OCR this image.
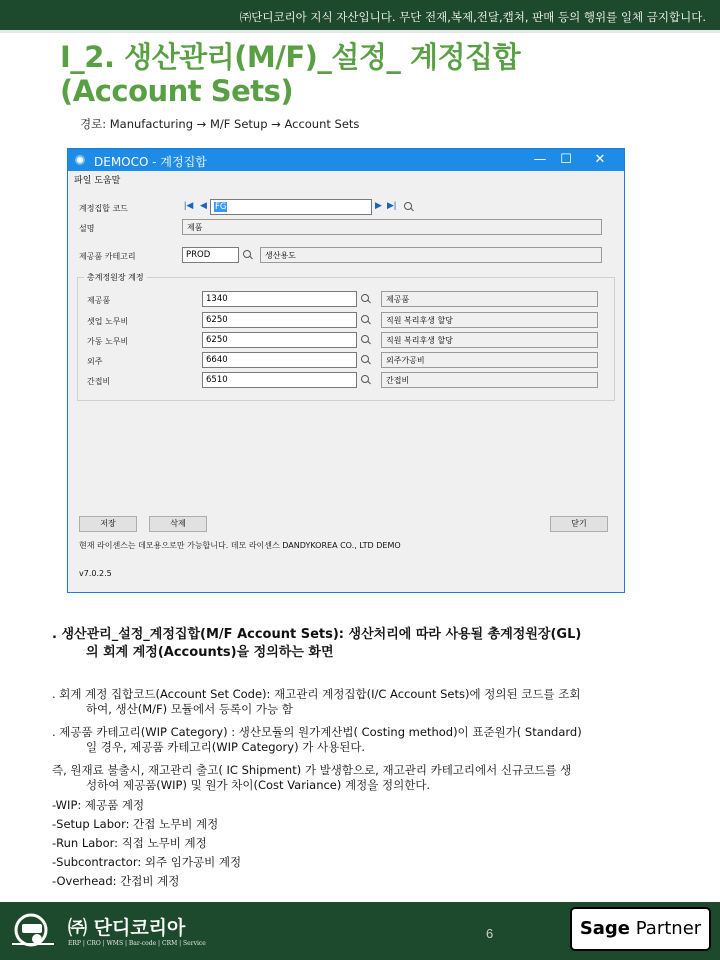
㈜단디코리아 지식 자산입니다. 무단 전재,복제,전달,캡쳐, 판매 등의 행위를 일체 금지합니다.
I_2. 생산관리(M/F)_설정_ 계정집합
(Account Sets)
경로: Manufacturing → M/F Setup → Account Sets
DEMOCO - 계정집합	—	☐	✕
파일 도움말
계정집합 코드	|◀ ◀ FG	▶ ▶|
설명	제품
제공품 카테고리	PROD	생산용도
총계정원장 계정
제공품	1340	제공품
셋업 노무비	6250	직원 복리후생 할당
가동 노무비	6250	직원 복리후생 할당
외주	6640	외주가공비
간접비	6510	간접비
저장	삭제	닫기
현재 라이센스는 데모용으로만 가능합니다. 데모 라이센스 DANDYKOREA CO., LTD DEMO
v7.0.2.5
. 생산관리_설정_계정집합(M/F Account Sets): 생산처리에 따라 사용될 총계정원장(GL)
의 회계 계정(Accounts)을 정의하는 화면
. 회계 계정 집합코드(Account Set Code): 재고관리 계정집합(I/C Account Sets)에 정의된 코드를 조회
하여, 생산(M/F) 모듈에서 등록이 가능 함
. 제공품 카테고리(WIP Category) : 생산모듈의 원가계산법( Costing method)이 표준원가( Standard)
일 경우, 제공품 카테고리(WIP Category) 가 사용된다.
즉, 원재료 불출시, 재고관리 출고( IC Shipment) 가 발생함으로, 재고관리 카테고리에서 신규코드를 생
성하여 제공품(WIP) 및 원가 차이(Cost Variance) 계정을 정의한다.
-WIP: 제공품 계정
-Setup Labor: 간접 노무비 계정
-Run Labor: 직접 노무비 계정
-Subcontractor: 외주 임가공비 계정
-Overhead: 간접비 계정
㈜ 단디코리아
ERP | CRO | WMS | Bar-code | CRM | Service
6	Sage Partner
